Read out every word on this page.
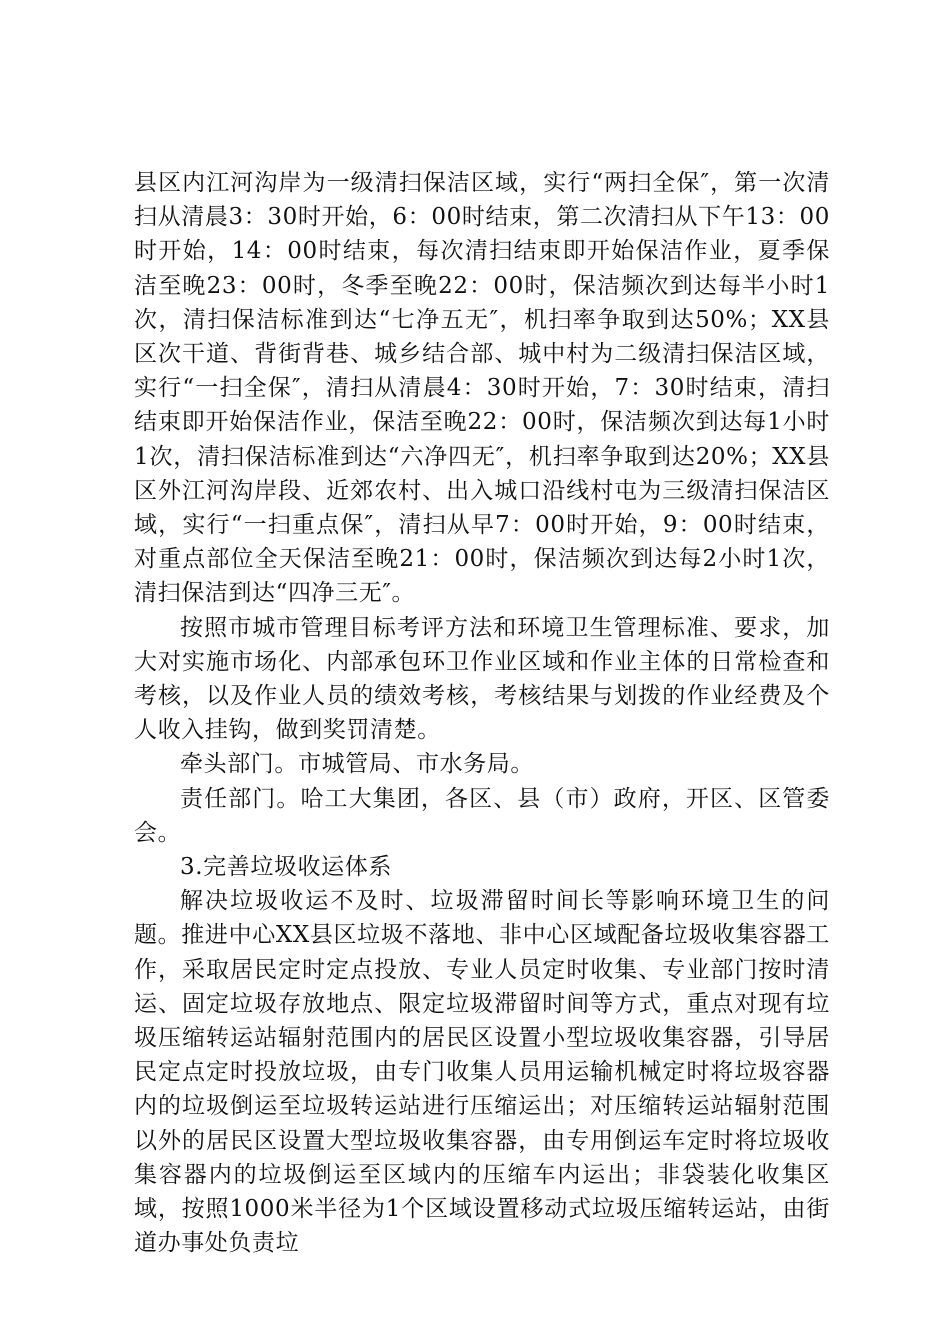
县区内江河沟岸为一级清扫保洁区域，实行“两扫全保″，第一次清扫从清晨3：30时开始，6：00时结束，第二次清扫从下午13：00时开始，14：00时结束，每次清扫结束即开始保洁作业，夏季保洁至晚23：00时，冬季至晚22：00时，保洁频次到达每半小时1次，清扫保洁标准到达“七净五无″，机扫率争取到达50%；XX县区次干道、背街背巷、城乡结合部、城中村为二级清扫保洁区域，实行“一扫全保″，清扫从清晨4：30时开始，7：30时结束，清扫结束即开始保洁作业，保洁至晚22：00时，保洁频次到达每1小时1次，清扫保洁标准到达“六净四无″，机扫率争取到达20%；XX县区外江河沟岸段、近郊农村、出入城口沿线村屯为三级清扫保洁区域，实行“一扫重点保″，清扫从早7：00时开始，9：00时结束，对重点部位全天保洁至晚21：00时，保洁频次到达每2小时1次，清扫保洁到达“四净三无″。

按照市城市管理目标考评方法和环境卫生管理标准、要求，加大对实施市场化、内部承包环卫作业区域和作业主体的日常检查和考核，以及作业人员的绩效考核，考核结果与划拨的作业经费及个人收入挂钩，做到奖罚清楚。

牵头部门。市城管局、市水务局。

责任部门。哈工大集团，各区、县（市）政府，开区、区管委会。

3.完善垃圾收运体系

解决垃圾收运不及时、垃圾滞留时间长等影响环境卫生的问题。推进中心XX县区垃圾不落地、非中心区域配备垃圾收集容器工作，采取居民定时定点投放、专业人员定时收集、专业部门按时清运、固定垃圾存放地点、限定垃圾滞留时间等方式，重点对现有垃圾压缩转运站辐射范围内的居民区设置小型垃圾收集容器，引导居民定点定时投放垃圾，由专门收集人员用运输机械定时将垃圾容器内的垃圾倒运至垃圾转运站进行压缩运出；对压缩转运站辐射范围以外的居民区设置大型垃圾收集容器，由专用倒运车定时将垃圾收集容器内的垃圾倒运至区域内的压缩车内运出；非袋装化收集区域，按照1000米半径为1个区域设置移动式垃圾压缩转运站，由街道办事处负责垃
